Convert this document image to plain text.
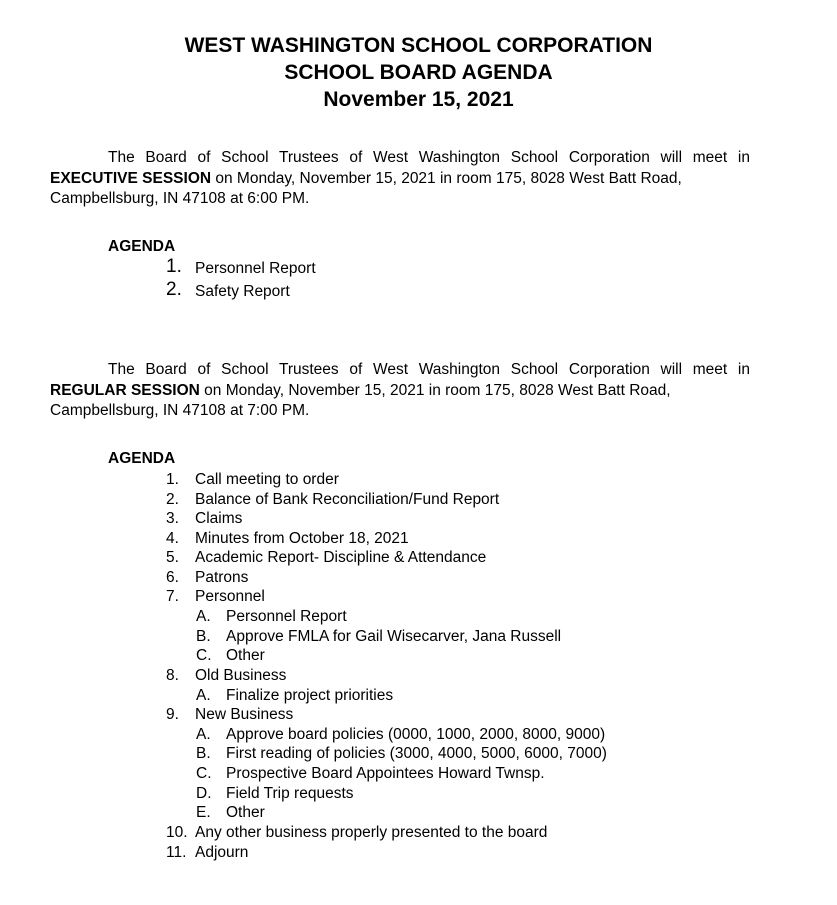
WEST WASHINGTON SCHOOL CORPORATION
SCHOOL BOARD AGENDA
November 15, 2021
The Board of School Trustees of West Washington School Corporation will meet in EXECUTIVE SESSION on Monday, November 15, 2021 in room 175, 8028 West Batt Road,
Campbellsburg, IN 47108 at 6:00 PM.
AGENDA
1. Personnel Report
2. Safety Report
The Board of School Trustees of West Washington School Corporation will meet in REGULAR SESSION on Monday, November 15, 2021 in room 175, 8028 West Batt Road,
Campbellsburg, IN 47108 at 7:00 PM.
AGENDA
1. Call meeting to order
2. Balance of Bank Reconciliation/Fund Report
3. Claims
4. Minutes from October 18, 2021
5. Academic Report- Discipline & Attendance
6. Patrons
7. Personnel
A. Personnel Report
B. Approve FMLA for Gail Wisecarver, Jana Russell
C. Other
8. Old Business
A. Finalize project priorities
9. New Business
A. Approve board policies (0000, 1000, 2000, 8000, 9000)
B. First reading of policies (3000, 4000, 5000, 6000, 7000)
C. Prospective Board Appointees Howard Twnsp.
D. Field Trip requests
E. Other
10. Any other business properly presented to the board
11. Adjourn
